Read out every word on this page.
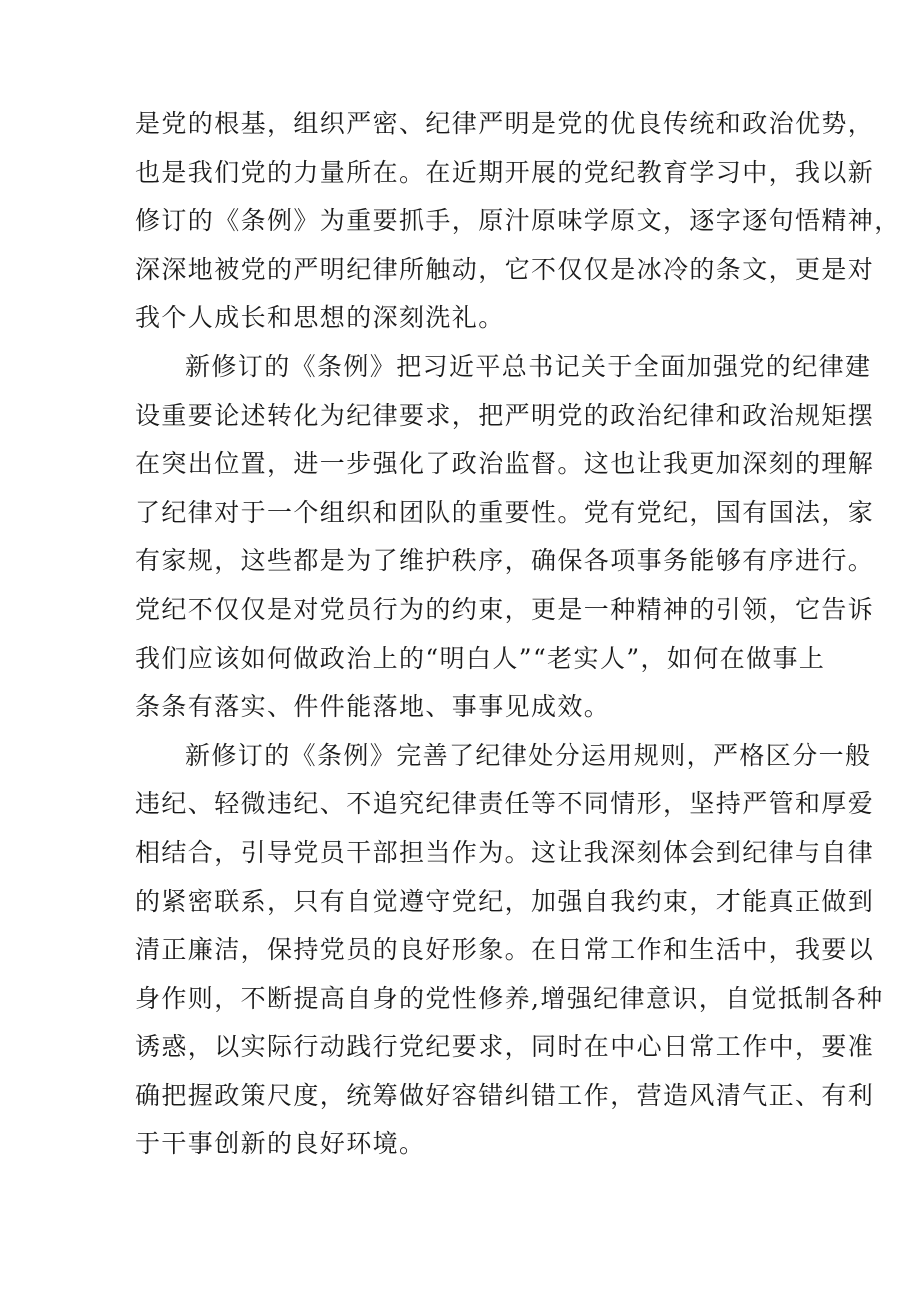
是党的根基，组织严密、纪律严明是党的优良传统和政治优势，
也是我们党的力量所在。在近期开展的党纪教育学习中，我以新
修订的《条例》为重要抓手，原汁原味学原文，逐字逐句悟精神，
深深地被党的严明纪律所触动，它不仅仅是冰冷的条文，更是对
我个人成长和思想的深刻洗礼。
新修订的《条例》把习近平总书记关于全面加强党的纪律建
设重要论述转化为纪律要求，把严明党的政治纪律和政治规矩摆
在突出位置，进一步强化了政治监督。这也让我更加深刻的理解
了纪律对于一个组织和团队的重要性。党有党纪，国有国法，家
有家规，这些都是为了维护秩序，确保各项事务能够有序进行。
党纪不仅仅是对党员行为的约束，更是一种精神的引领，它告诉
我们应该如何做政治上的“明白人”“老实人”，如何在做事上
条条有落实、件件能落地、事事见成效。
新修订的《条例》完善了纪律处分运用规则，严格区分一般
违纪、轻微违纪、不追究纪律责任等不同情形，坚持严管和厚爱
相结合，引导党员干部担当作为。这让我深刻体会到纪律与自律
的紧密联系，只有自觉遵守党纪，加强自我约束，才能真正做到
清正廉洁，保持党员的良好形象。在日常工作和生活中，我要以
身作则，不断提高自身的党性修养,增强纪律意识，自觉抵制各种
诱惑，以实际行动践行党纪要求，同时在中心日常工作中，要准
确把握政策尺度，统筹做好容错纠错工作，营造风清气正、有利
于干事创新的良好环境。
